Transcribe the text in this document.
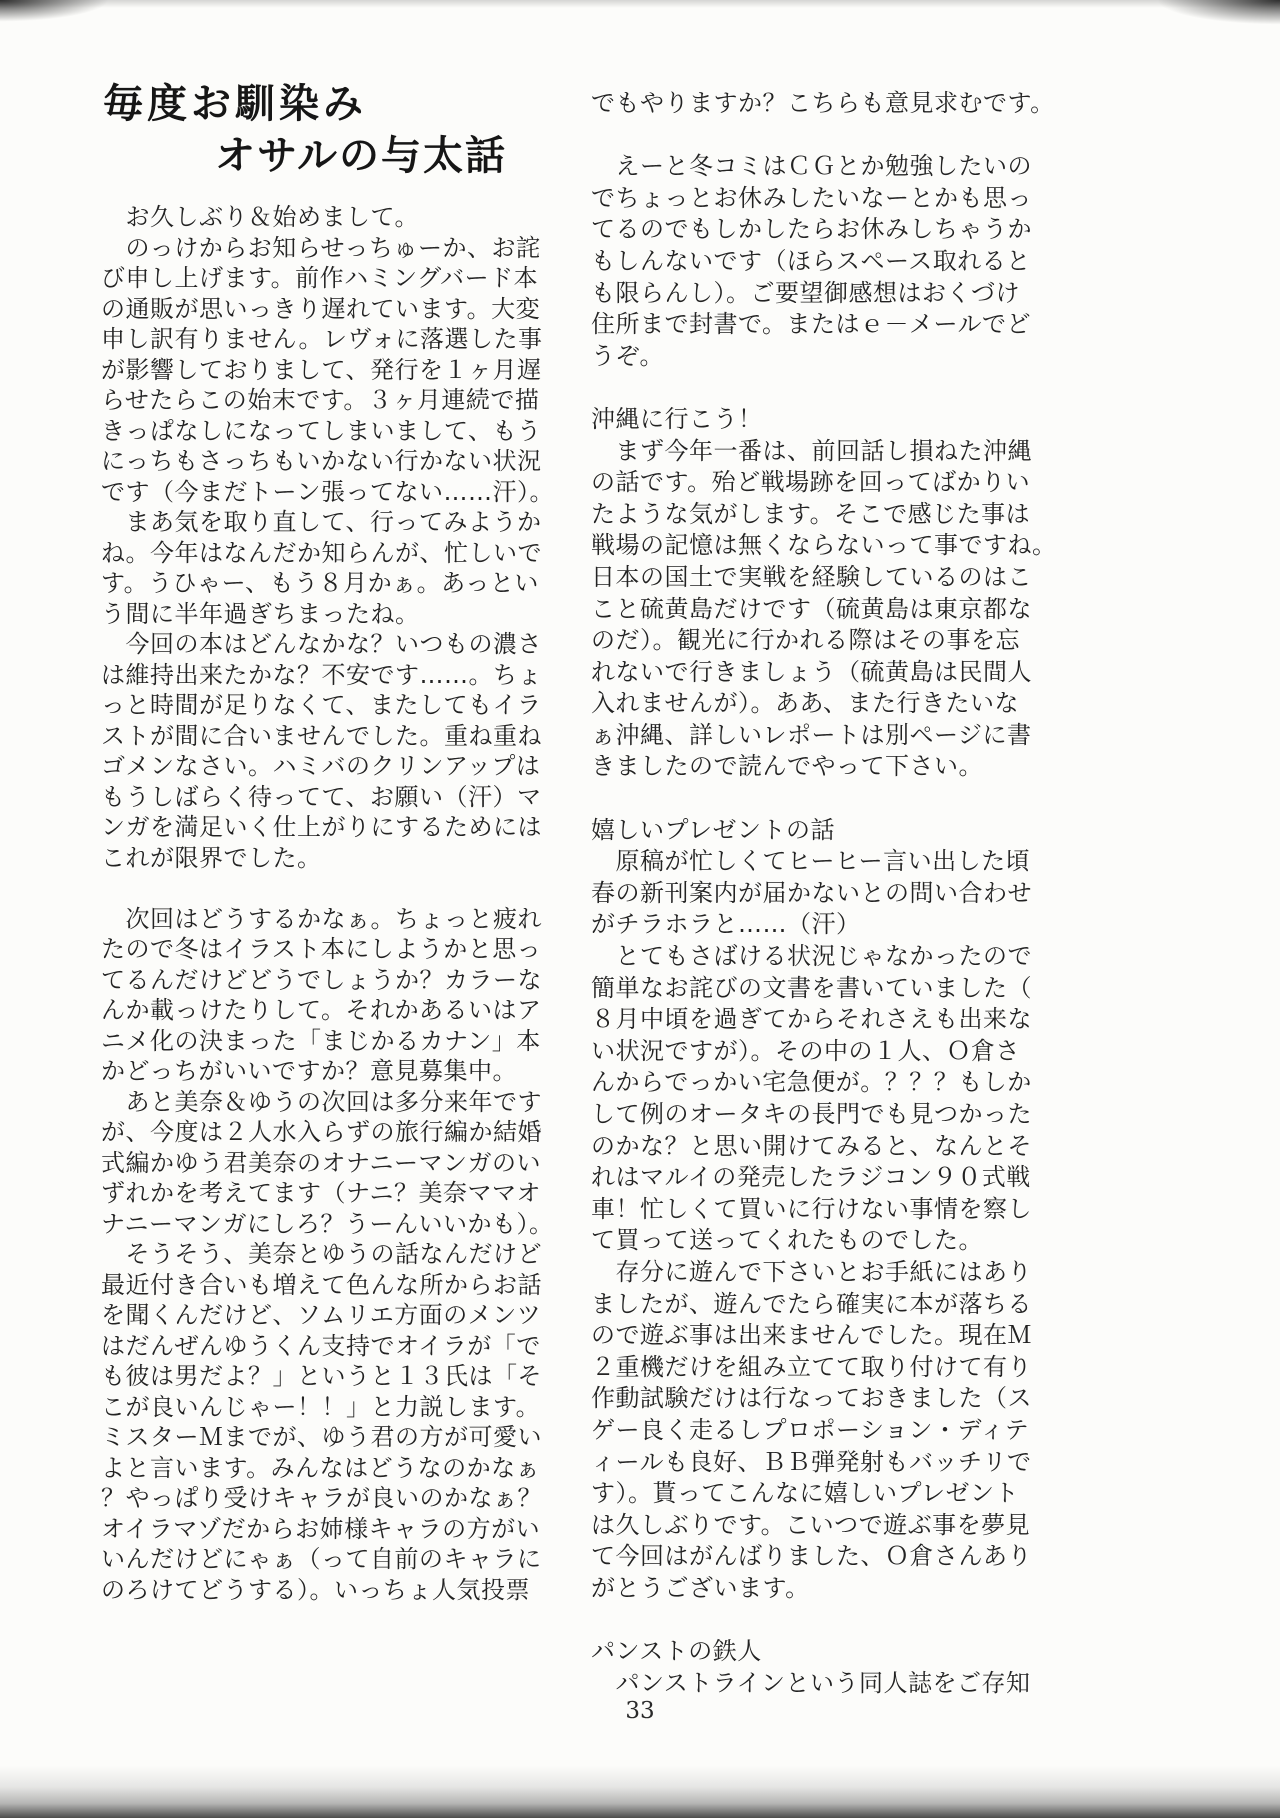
毎度お馴染み
オサルの与太話
　お久しぶり＆始めまして。
　のっけからお知らせっちゅーか、お詫
び申し上げます。前作ハミングバード本
の通販が思いっきり遅れています。大変
申し訳有りません。レヴォに落選した事
が影響しておりまして、発行を１ヶ月遅
らせたらこの始末です。３ヶ月連続で描
きっぱなしになってしまいまして、もう
にっちもさっちもいかない行かない状況
です（今まだトーン張ってない……汗）。
　まあ気を取り直して、行ってみようか
ね。今年はなんだか知らんが、忙しいで
す。うひゃー、もう８月かぁ。あっとい
う間に半年過ぎちまったね。
　今回の本はどんなかな？いつもの濃さ
は維持出来たかな？不安です……。ちょ
っと時間が足りなくて、またしてもイラ
ストが間に合いませんでした。重ね重ね
ゴメンなさい。ハミバのクリンアップは
もうしばらく待ってて、お願い（汗）マ
ンガを満足いく仕上がりにするためには
これが限界でした。

　次回はどうするかなぁ。ちょっと疲れ
たので冬はイラスト本にしようかと思っ
てるんだけどどうでしょうか？カラーな
んか載っけたりして。それかあるいはア
ニメ化の決まった「まじかるカナン」本
かどっちがいいですか？意見募集中。
　あと美奈＆ゆうの次回は多分来年です
が、今度は２人水入らずの旅行編か結婚
式編かゆう君美奈のオナニーマンガのい
ずれかを考えてます（ナニ？美奈ママオ
ナニーマンガにしろ？うーんいいかも）。
　そうそう、美奈とゆうの話なんだけど
最近付き合いも増えて色んな所からお話
を聞くんだけど、ソムリエ方面のメンツ
はだんぜんゆうくん支持でオイラが「で
も彼は男だよ？」というと１３氏は「そ
こが良いんじゃー！！」と力説します。
ミスターＭまでが、ゆう君の方が可愛い
よと言います。みんなはどうなのかなぁ
？やっぱり受けキャラが良いのかなぁ？
オイラマゾだからお姉様キャラの方がい
いんだけどにゃぁ（って自前のキャラに
のろけてどうする）。いっちょ人気投票
でもやりますか？こちらも意見求むです。

　えーと冬コミはＣＧとか勉強したいの
でちょっとお休みしたいなーとかも思っ
てるのでもしかしたらお休みしちゃうか
もしんないです（ほらスペース取れると
も限らんし）。ご要望御感想はおくづけ
住所まで封書で。またはｅ－メールでど
うぞ。

沖縄に行こう！
　まず今年一番は、前回話し損ねた沖縄
の話です。殆ど戦場跡を回ってばかりい
たような気がします。そこで感じた事は
戦場の記憶は無くならないって事ですね。
日本の国土で実戦を経験しているのはこ
こと硫黄島だけです（硫黄島は東京都な
のだ）。観光に行かれる際はその事を忘
れないで行きましょう（硫黄島は民間人
入れませんが）。ああ、また行きたいな
ぁ沖縄、詳しいレポートは別ページに書
きましたので読んでやって下さい。

嬉しいプレゼントの話
　原稿が忙しくてヒーヒー言い出した頃
春の新刊案内が届かないとの問い合わせ
がチラホラと……（汗）
　とてもさばける状況じゃなかったので
簡単なお詫びの文書を書いていました（
８月中頃を過ぎてからそれさえも出来な
い状況ですが）。その中の１人、Ｏ倉さ
んからでっかい宅急便が。？？？もしか
して例のオータキの長門でも見つかった
のかな？と思い開けてみると、なんとそ
れはマルイの発売したラジコン９０式戦
車！忙しくて買いに行けない事情を察し
て買って送ってくれたものでした。
　存分に遊んで下さいとお手紙にはあり
ましたが、遊んでたら確実に本が落ちる
ので遊ぶ事は出来ませんでした。現在Ｍ
２重機だけを組み立てて取り付けて有り
作動試験だけは行なっておきました（ス
ゲー良く走るしプロポーション・ディテ
ィールも良好、ＢＢ弾発射もバッチリで
す）。貰ってこんなに嬉しいプレゼント
は久しぶりです。こいつで遊ぶ事を夢見
て今回はがんばりました、Ｏ倉さんあり
がとうございます。

パンストの鉄人
　パンストラインという同人誌をご存知
33
